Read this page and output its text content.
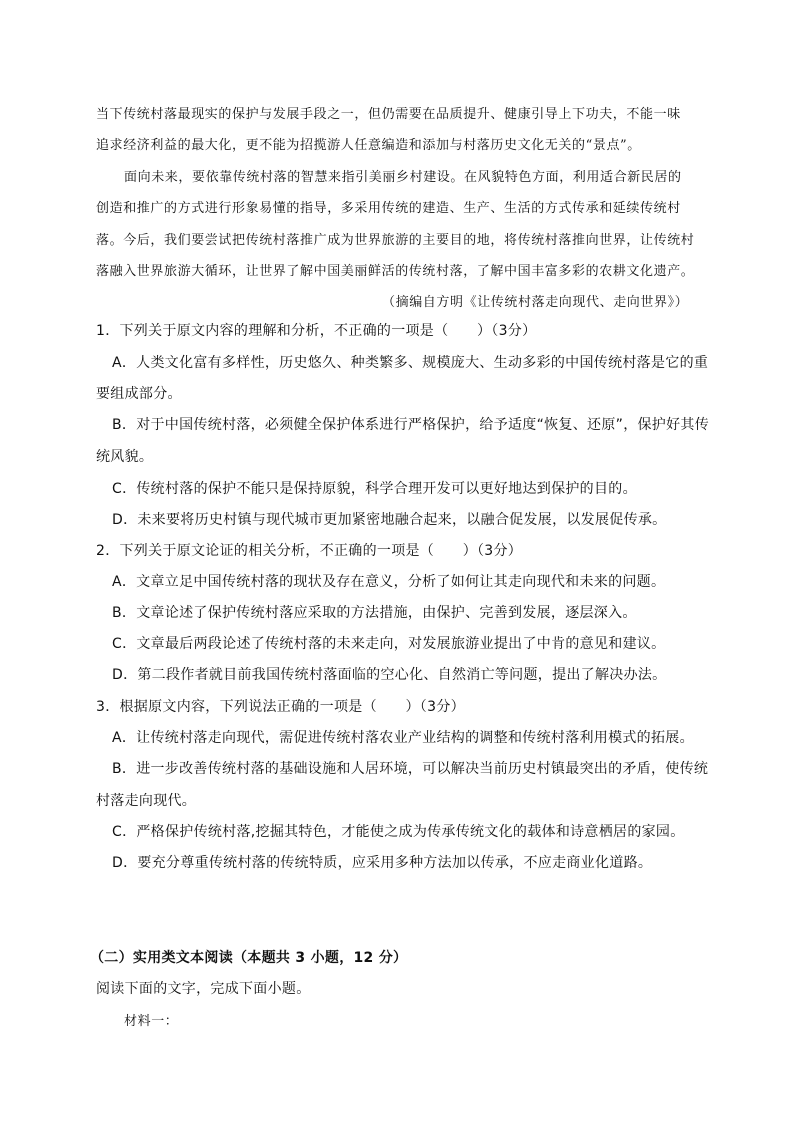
当下传统村落最现实的保护与发展手段之一，但仍需要在品质提升、健康引导上下功夫，不能一味
追求经济利益的最大化，更不能为招揽游人任意编造和添加与村落历史文化无关的“景点”。
面向未来，要依靠传统村落的智慧来指引美丽乡村建设。在风貌特色方面，利用适合新民居的
创造和推广的方式进行形象易懂的指导，多采用传统的建造、生产、生活的方式传承和延续传统村
落。今后，我们要尝试把传统村落推广成为世界旅游的主要目的地，将传统村落推向世界，让传统村
落融入世界旅游大循环，让世界了解中国美丽鲜活的传统村落，了解中国丰富多彩的农耕文化遗产。
（摘编自方明《让传统村落走向现代、走向世界》）
1．下列关于原文内容的理解和分析，不正确的一项是（　　）（3分）
A．人类文化富有多样性，历史悠久、种类繁多、规模庞大、生动多彩的中国传统村落是它的重
要组成部分。
B．对于中国传统村落，必须健全保护体系进行严格保护，给予适度“恢复、还原”，保护好其传
统风貌。
C．传统村落的保护不能只是保持原貌，科学合理开发可以更好地达到保护的目的。
D．未来要将历史村镇与现代城市更加紧密地融合起来，以融合促发展，以发展促传承。
2．下列关于原文论证的相关分析，不正确的一项是（　　）（3分）
A．文章立足中国传统村落的现状及存在意义，分析了如何让其走向现代和未来的问题。
B．文章论述了保护传统村落应采取的方法措施，由保护、完善到发展，逐层深入。
C．文章最后两段论述了传统村落的未来走向，对发展旅游业提出了中肯的意见和建议。
D．第二段作者就目前我国传统村落面临的空心化、自然消亡等问题，提出了解决办法。
3．根据原文内容，下列说法正确的一项是（　　）（3分）
A．让传统村落走向现代，需促进传统村落农业产业结构的调整和传统村落利用模式的拓展。
B．进一步改善传统村落的基础设施和人居环境，可以解决当前历史村镇最突出的矛盾，使传统
村落走向现代。
C．严格保护传统村落,挖掘其特色，才能使之成为传承传统文化的载体和诗意栖居的家园。
D．要充分尊重传统村落的传统特质，应采用多种方法加以传承，不应走商业化道路。
（二）实用类文本阅读（本题共 3 小题，12 分）
阅读下面的文字，完成下面小题。
材料一：
